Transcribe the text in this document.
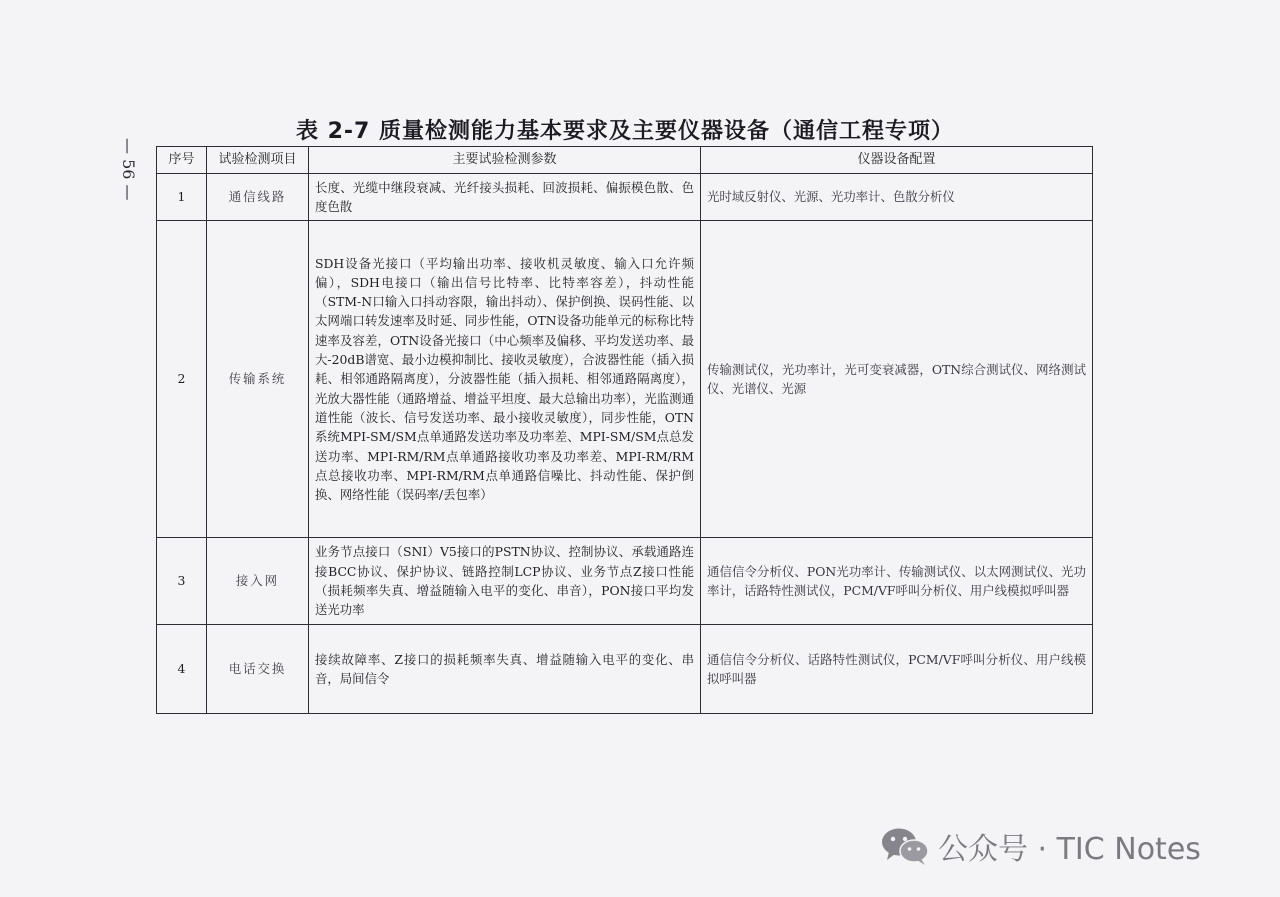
— 56 —
表 2-7 质量检测能力基本要求及主要仪器设备（通信工程专项）
序号	试验检测项目	主要试验检测参数	仪器设备配置
1	通信线路	长度、光缆中继段衰减、光纤接头损耗、回波损耗、偏振模色散、色度色散	光时域反射仪、光源、光功率计、色散分析仪
2	传输系统	SDH设备光接口（平均输出功率、接收机灵敏度、输入口允许频偏），SDH电接口（输出信号比特率、比特率容差），抖动性能（STM-N口输入口抖动容限，输出抖动）、保护倒换、误码性能、以太网端口转发速率及时延、同步性能，OTN设备功能单元的标称比特速率及容差，OTN设备光接口（中心频率及偏移、平均发送功率、最大-20dB谱宽、最小边模抑制比、接收灵敏度），合波器性能（插入损耗、相邻通路隔离度），分波器性能（插入损耗、相邻通路隔离度），光放大器性能（通路增益、增益平坦度、最大总输出功率），光监测通道性能（波长、信号发送功率、最小接收灵敏度），同步性能，OTN系统MPI-SM/SM点单通路发送功率及功率差、MPI-SM/SM点总发送功率、MPI-RM/RM点单通路接收功率及功率差、MPI-RM/RM点总接收功率、MPI-RM/RM点单通路信噪比、抖动性能、保护倒换、网络性能（误码率/丢包率）	传输测试仪，光功率计，光可变衰减器，OTN综合测试仪、网络测试仪、光谱仪、光源
3	接入网	业务节点接口（SNI）V5接口的PSTN协议、控制协议、承载通路连接BCC协议、保护协议、链路控制LCP协议、业务节点Z接口性能（损耗频率失真、增益随输入电平的变化、串音），PON接口平均发送光功率	通信信令分析仪、PON光功率计、传输测试仪、以太网测试仪、光功率计，话路特性测试仪，PCM/VF呼叫分析仪、用户线模拟呼叫器
4	电话交换	接续故障率、Z接口的损耗频率失真、增益随输入电平的变化、串音，局间信令	通信信令分析仪、话路特性测试仪，PCM/VF呼叫分析仪、用户线模拟呼叫器
公众号 · TIC Notes
